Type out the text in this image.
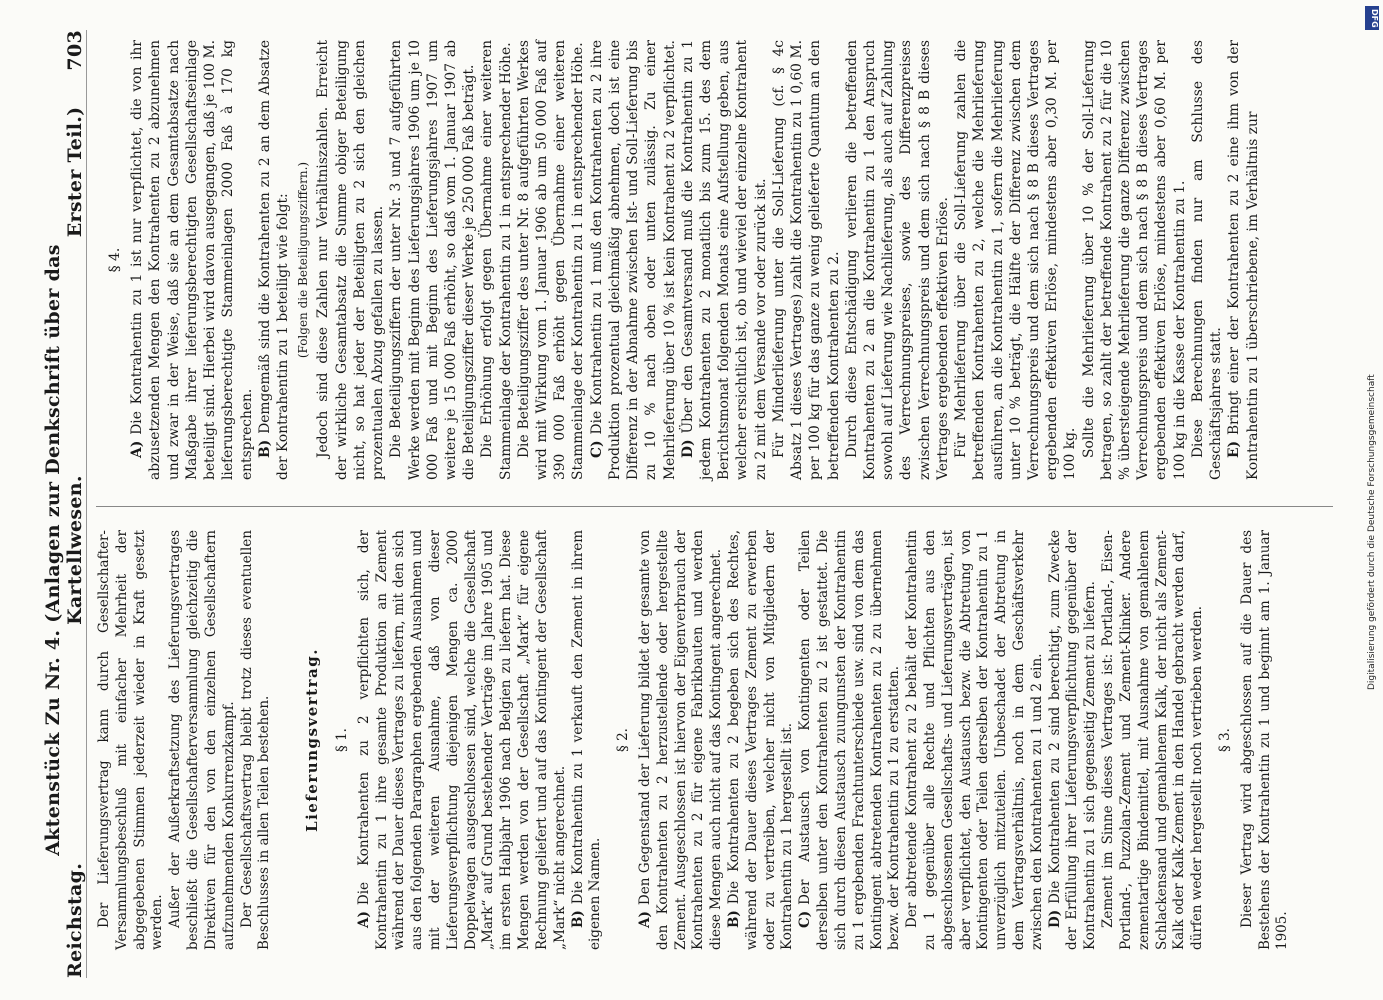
Reichstag.
Aktenstück Zu Nr. 4. (Anlagen zur Denkschrift über das Kartellwesen.
Erster Teil.)
703

Der Lieferungsvertrag kann durch Gesellschafter-Versammlungsbeschluß mit einfacher Mehrheit der abgegebenen Stimmen jederzeit wieder in Kraft gesetzt werden. Außer der Außerkraftsetzung des Lieferungsvertrages beschließt die Gesellschafterversammlung gleichzeitig die Direktiven für den von den einzelnen Gesellschaftern aufzunehmenden Konkurrenzkampf. Der Gesellschaftsvertrag bleibt trotz dieses eventuellen Beschlusses in allen Teilen bestehen. Lieferungsvertrag. § 1.

A)Die Kontrahenten zu 2 verpflichten sich, der Kontrahentin zu 1 ihre gesamte Produktion an Zement während der Dauer dieses Vertrages zu liefern, mit den sich aus den folgenden Paragraphen ergebenden Ausnahmen und mit der weiteren Ausnahme, daß von dieser Lieferungsverpflichtung diejenigen Mengen ca. 2000 Doppelwagen ausgeschlossen sind, welche die Gesellschaft „Mark“ auf Grund bestehender Verträge im Jahre 1905 und im ersten Halbjahr 1906 nach Belgien zu liefern hat. Diese Mengen werden von der Gesellschaft „Mark“ für eigene Rechnung geliefert und auf das Kontingent der Gesellschaft „Mark“ nicht angerechnet. B)Die Kontrahentin zu 1 verkauft den Zement in ihrem eigenen Namen.

§ 2.

A)Den Gegenstand der Lieferung bildet der gesamte von den Kontrahenten zu 2 herzustellende oder hergestellte Zement. Ausgeschlossen ist hiervon der Eigenverbrauch der Kontrahenten zu 2 für eigene Fabrikbauten und werden diese Mengen auch nicht auf das Kontingent angerechnet. B)Die Kontrahenten zu 2 begeben sich des Rechtes, während der Dauer dieses Vertrages Zement zu erwerben oder zu vertreiben, welcher nicht von Mitgliedern der Kontrahentin zu 1 hergestellt ist. C)Der Austausch von Kontingenten oder Teilen derselben unter den Kontrahenten zu 2 ist gestattet. Die sich durch diesen Austausch zuungunsten der Kontrahentin zu 1 ergebenden Frachtunterschiede usw. sind von dem das Kontingent abtretenden Kontrahenten zu 2 zu übernehmen bezw. der Kontrahentin zu 1 zu erstatten. Der abtretende Kontrahent zu 2 behält der Kontrahentin zu 1 gegenüber alle Rechte und Pflichten aus den abgeschlossenen Gesellschafts- und Lieferungsverträgen, ist aber verpflichtet, den Austausch bezw. die Abtretung von Kontingenten oder Teilen derselben der Kontrahentin zu 1 unverzüglich mitzuteilen. Unbeschadet der Abtretung in dem Vertragsverhältnis, noch in dem Geschäftsverkehr zwischen den Kontrahenten zu 1 und 2 ein. D)Die Kontrahenten zu 2 sind berechtigt, zum Zwecke der Erfüllung ihrer Lieferungsverpflichtung gegenüber der Kontrahentin zu 1 sich gegenseitig Zement zu liefern. Zement im Sinne dieses Vertrages ist: Portland-, Eisen-Portland-, Puzzolan-Zement und Zement-Klinker. Andere zementartige Bindemittel, mit Ausnahme von gemahlenem Schlackensand und gemahlenem Kalk, der nicht als Zement-Kalk oder Kalk-Zement in den Handel gebracht werden darf, dürfen weder hergestellt noch vertrieben werden. § 3. Dieser Vertrag wird abgeschlossen auf die Dauer des Bestehens der Kontrahentin zu 1 und beginnt am 1. Januar 1905.

§ 4.

A)Die Kontrahentin zu 1 ist nur verpflichtet, die von ihr abzusetzenden Mengen den Kontrahenten zu 2 abzunehmen und zwar in der Weise, daß sie an dem Gesamtabsatze nach Maßgabe ihrer lieferungsberechtigten Gesellschaftseinlage beteiligt sind. Hierbei wird davon ausgegangen, daß je 100 M. lieferungsberechtigte Stammeinlagen 2000 Faß à 170 kg entsprechen. B)Demgemäß sind die Kontrahenten zu 2 an dem Absatze der Kontrahentin zu 1 beteiligt wie folgt: (Folgen die Beteiligungsziffern.) Jedoch sind diese Zahlen nur Verhältniszahlen. Erreicht der wirkliche Gesamtabsatz die Summe obiger Beteiligung nicht, so hat jeder der Beteiligten zu 2 sich den gleichen prozentualen Abzug gefallen zu lassen. Die Beteiligungsziffern der unter Nr. 3 und 7 aufgeführten Werke werden mit Beginn des Lieferungsjahres 1906 um je 10 000 Faß und mit Beginn des Lieferungsjahres 1907 um weitere je 15 000 Faß erhöht, so daß vom 1. Januar 1907 ab die Beteiligungsziffer dieser Werke je 250 000 Faß beträgt. Die Erhöhung erfolgt gegen Übernahme einer weiteren Stammeinlage der Kontrahentin zu 1 in entsprechender Höhe. Die Beteiligungsziffer des unter Nr. 8 aufgeführten Werkes wird mit Wirkung vom 1. Januar 1906 ab um 50 000 Faß auf 390 000 Faß erhöht gegen Übernahme einer weiteren Stammeinlage der Kontrahentin zu 1 in entsprechender Höhe. C)Die Kontrahentin zu 1 muß den Kontrahenten zu 2 ihre Produktion prozentual gleichmäßig abnehmen, doch ist eine Differenz in der Abnahme zwischen Ist- und Soll-Lieferung bis zu 10 % nach oben oder unten zulässig. Zu einer Mehrlieferung über 10 % ist kein Kontrahent zu 2 verpflichtet. D)Über den Gesamtversand muß die Kontrahentin zu 1 jedem Kontrahenten zu 2 monatlich bis zum 15. des dem Berichtsmonat folgenden Monats eine Aufstellung geben, aus welcher ersichtlich ist, ob und wieviel der einzelne Kontrahent zu 2 mit dem Versande vor oder zurück ist. Für Minderlieferung unter die Soll-Lieferung (cf. § 4c Absatz 1 dieses Vertrages) zahlt die Kontrahentin zu 1 0,60 M. per 100 kg für das ganze zu wenig gelieferte Quantum an den betreffenden Kontrahenten zu 2. Durch diese Entschädigung verlieren die betreffenden Kontrahenten zu 2 an die Kontrahentin zu 1 den Anspruch sowohl auf Lieferung wie Nachlieferung, als auch auf Zahlung des Verrechnungspreises, sowie des Differenzpreises zwischen Verrechnungspreis und dem sich nach § 8 B dieses Vertrages ergebenden effektiven Erlöse. Für Mehrlieferung über die Soll-Lieferung zahlen die betreffenden Kontrahenten zu 2, welche die Mehrlieferung ausführen, an die Kontrahentin zu 1, sofern die Mehrlieferung unter 10 % beträgt, die Hälfte der Differenz zwischen dem Verrechnungspreis und dem sich nach § 8 B dieses Vertrages ergebenden effektiven Erlöse, mindestens aber 0,30 M. per 100 kg. Sollte die Mehrlieferung über 10 % der Soll-Lieferung betragen, so zahlt der betreffende Kontrahent zu 2 für die 10 % übersteigende Mehrlieferung die ganze Differenz zwischen Verrechnungspreis und dem sich nach § 8 B dieses Vertrages ergebenden effektiven Erlöse, mindestens aber 0,60 M. per 100 kg in die Kasse der Kontrahentin zu 1. Diese Berechnungen finden nur am Schlusse des Geschäftsjahres statt. E)Bringt einer der Kontrahenten zu 2 eine ihm von der Kontrahentin zu 1 überschriebene, im Verhältnis zur

DFG
Digitalisierung gefördert durch die Deutsche Forschungsgemeinschaft
